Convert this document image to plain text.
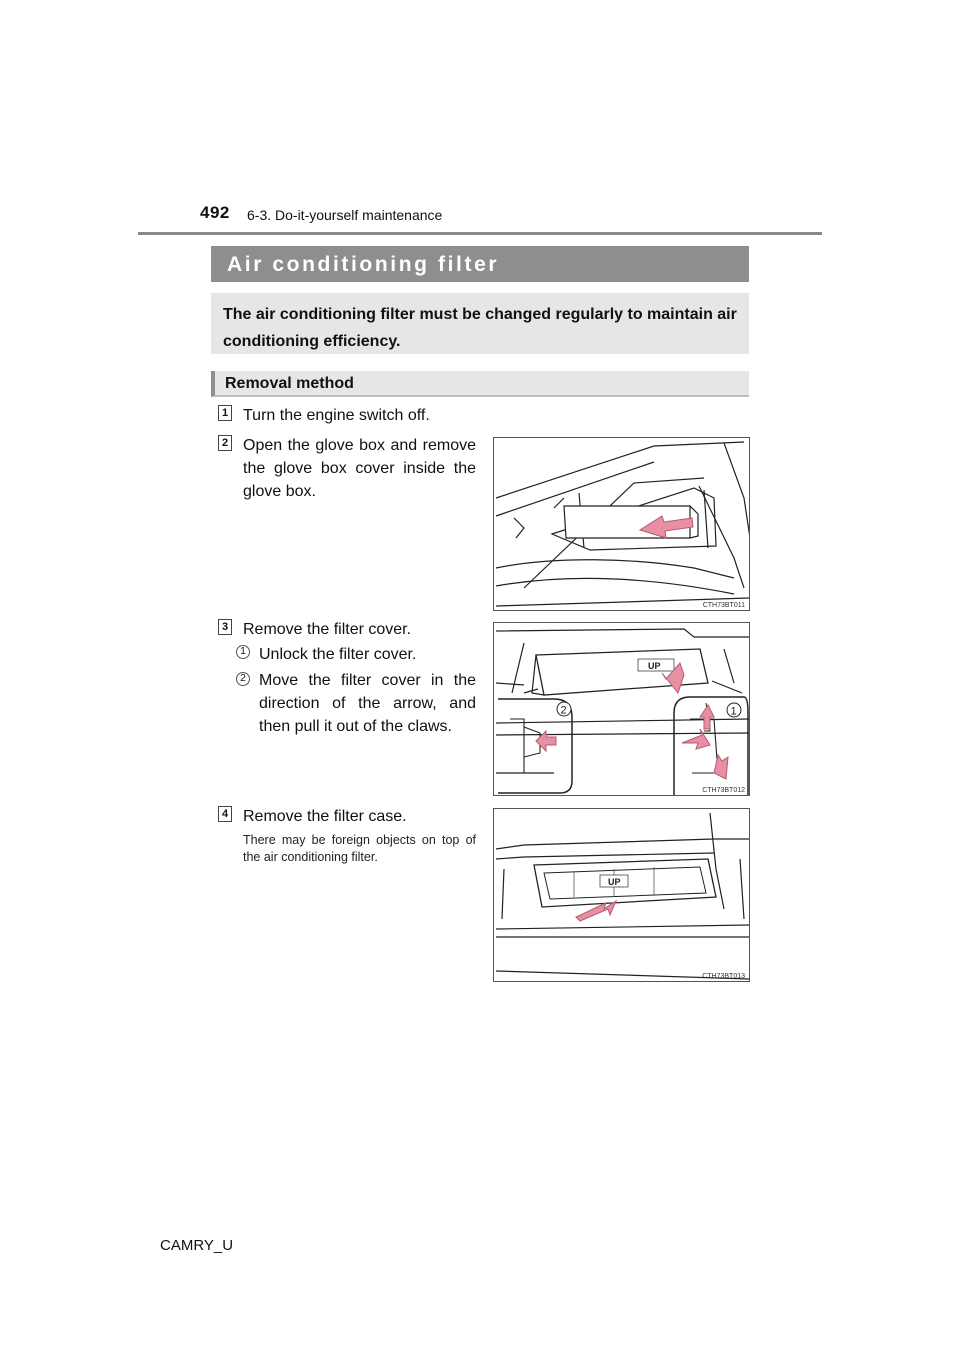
492 6-3. Do-it-yourself maintenance
Air conditioning filter
The air conditioning filter must be changed regularly to maintain air conditioning efficiency.
Removal method
1 Turn the engine switch off.
2 Open the glove box and remove the glove box cover inside the glove box.
CTH73BT011
3 Remove the filter cover.
1 Unlock the filter cover.
2 Move the filter cover in the direction of the arrow, and then pull it out of the claws.
UP
2	1
CTH73BT012
4 Remove the filter case.
There may be foreign objects on top of the air conditioning filter.
UP
CTH73BT013
CAMRY_U
